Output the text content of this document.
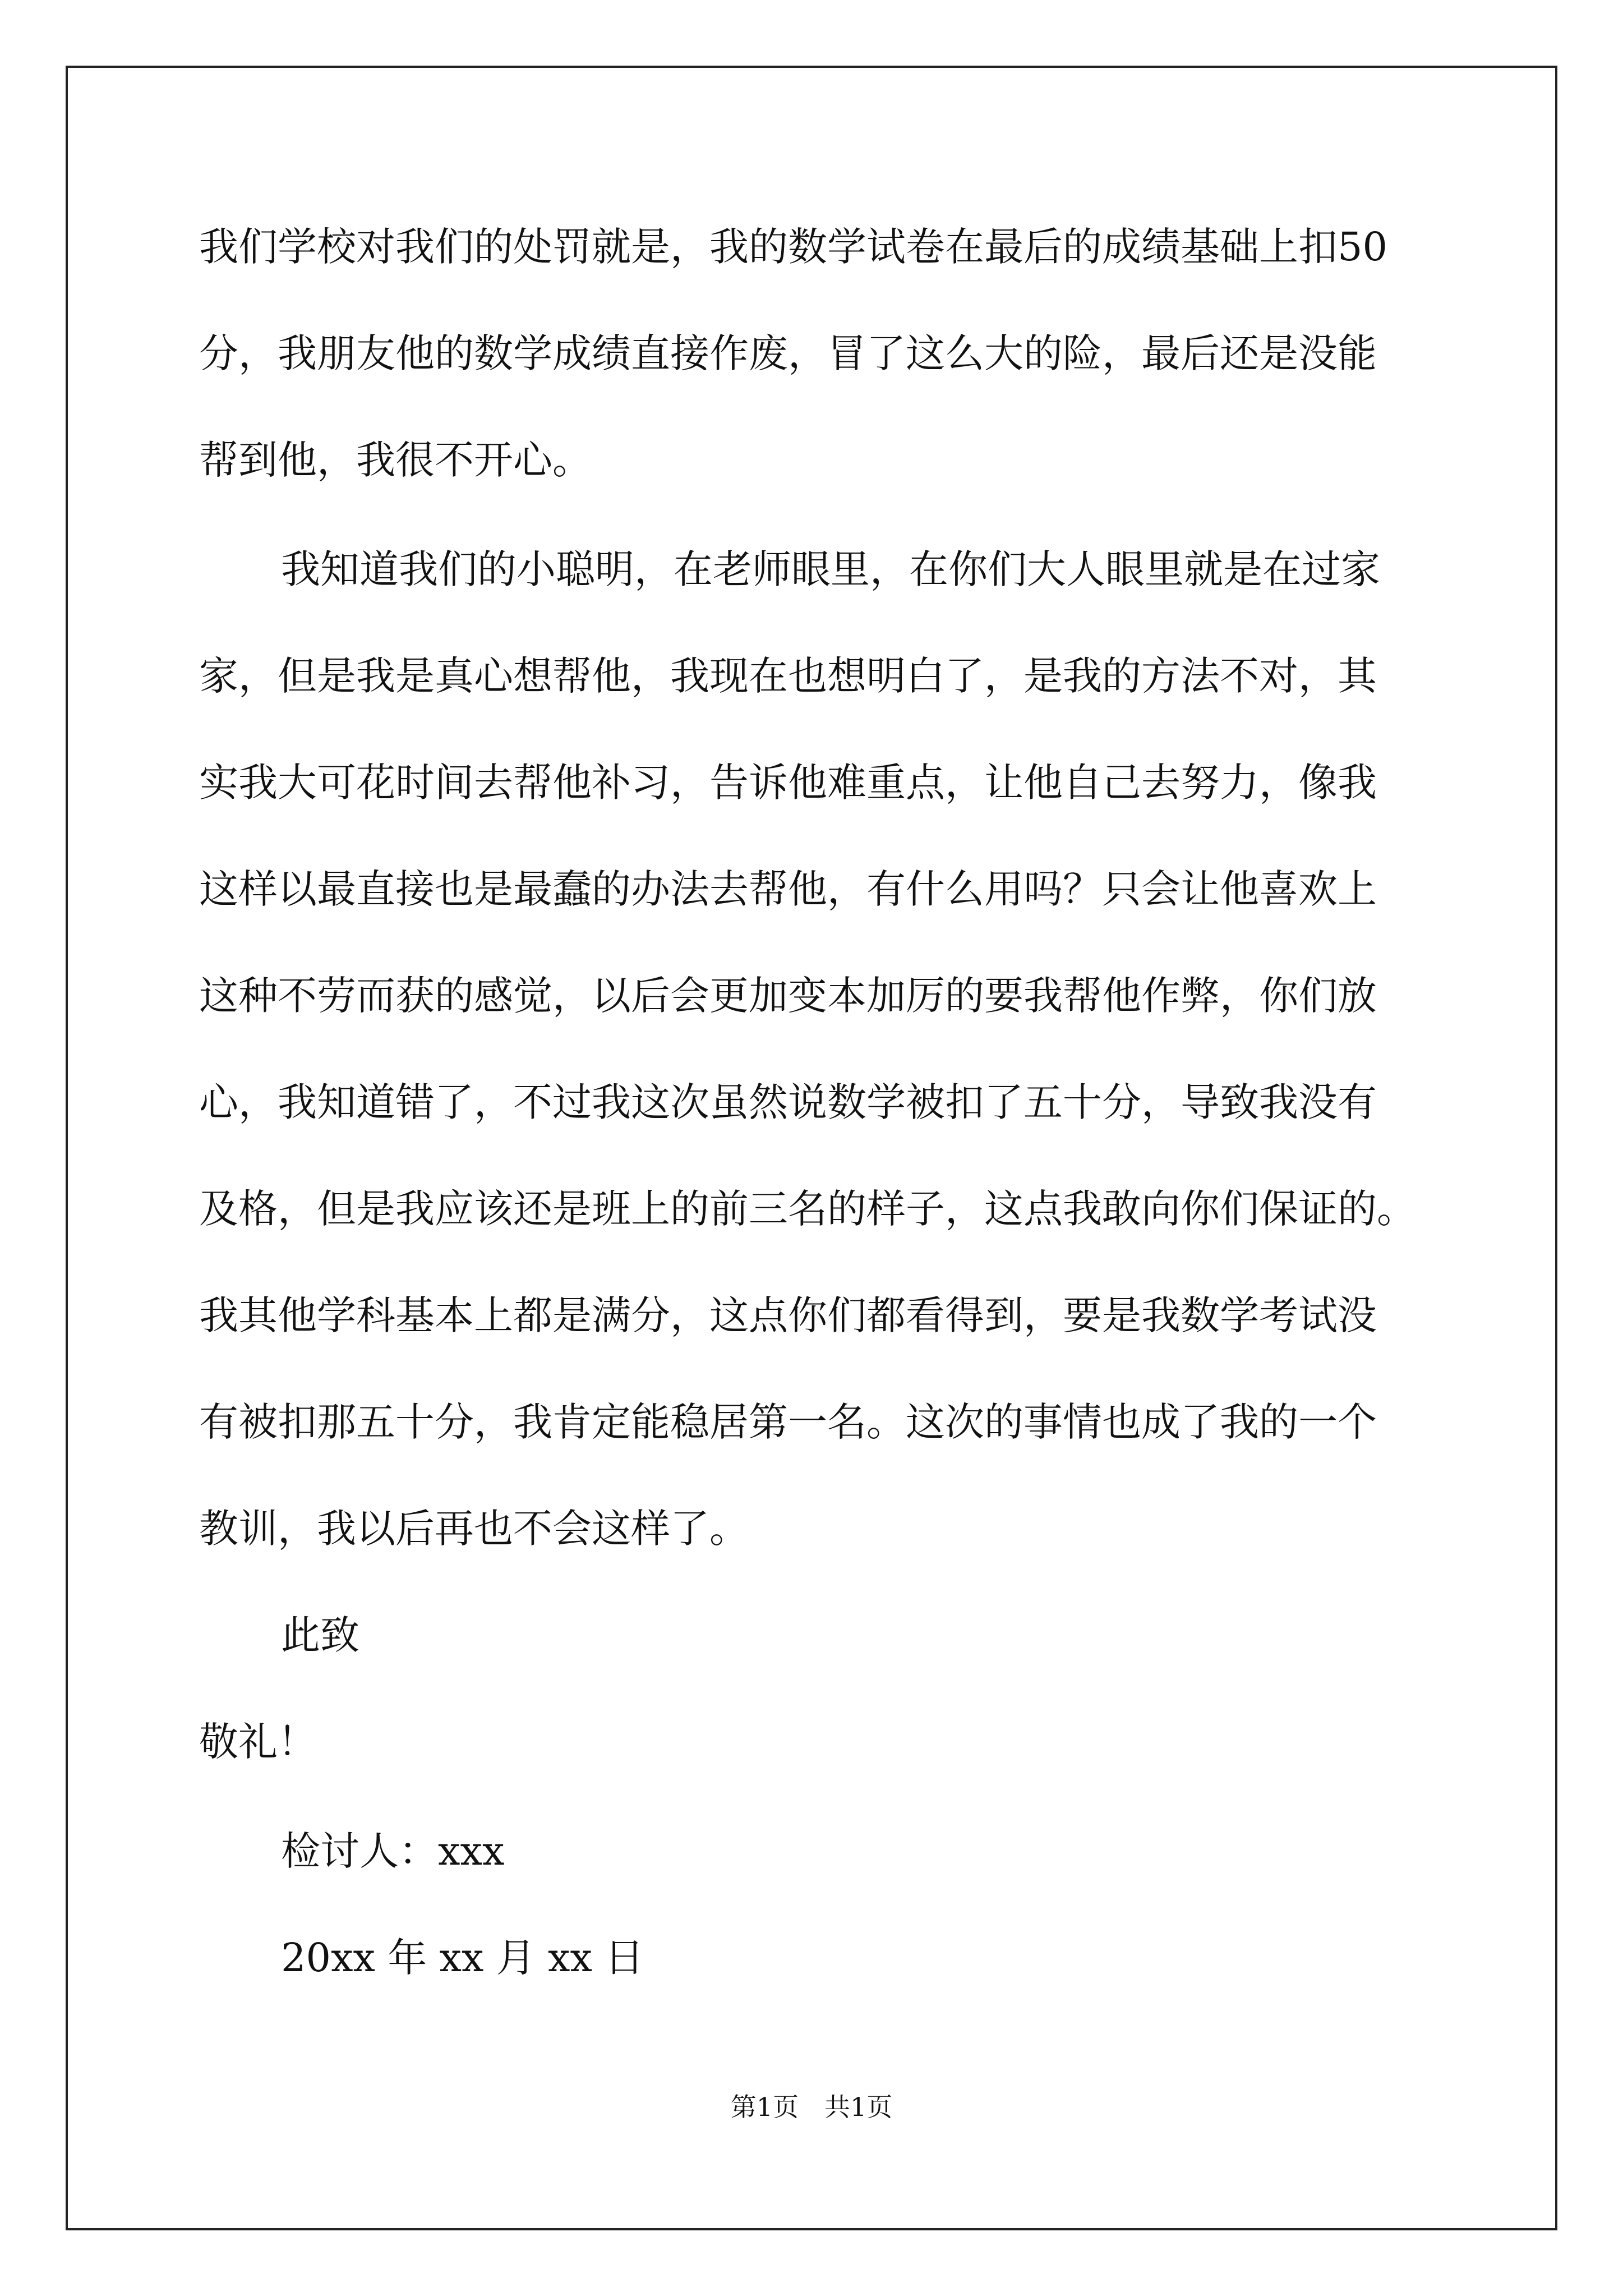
我们学校对我们的处罚就是，我的数学试卷在最后的成绩基础上扣50
分，我朋友他的数学成绩直接作废，冒了这么大的险，最后还是没能
帮到他，我很不开心。
我知道我们的小聪明，在老师眼里，在你们大人眼里就是在过家
家，但是我是真心想帮他，我现在也想明白了，是我的方法不对，其
实我大可花时间去帮他补习，告诉他难重点，让他自己去努力，像我
这样以最直接也是最蠢的办法去帮他，有什么用吗？只会让他喜欢上
这种不劳而获的感觉，以后会更加变本加厉的要我帮他作弊，你们放
心，我知道错了，不过我这次虽然说数学被扣了五十分，导致我没有
及格，但是我应该还是班上的前三名的样子，这点我敢向你们保证的。
我其他学科基本上都是满分，这点你们都看得到，要是我数学考试没
有被扣那五十分，我肯定能稳居第一名。这次的事情也成了我的一个
教训，我以后再也不会这样了。
此致
敬礼！
检讨人：xxx
20xx 年 xx 月 xx 日
第1页　共1页
